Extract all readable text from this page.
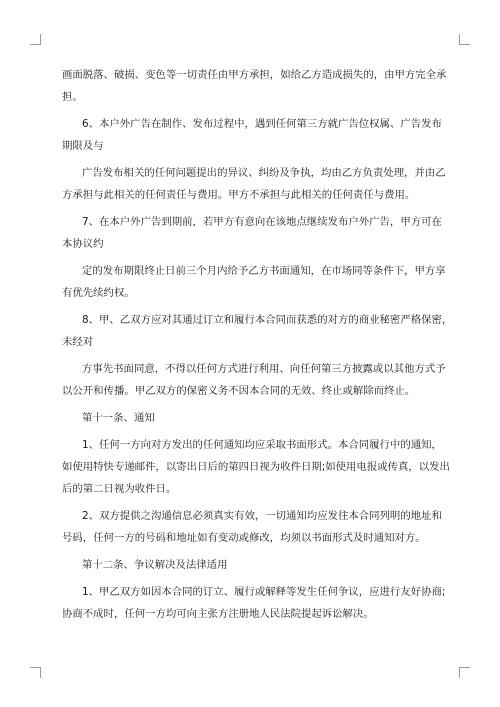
画面脱落、破损、变色等一切责任由甲方承担，如给乙方造成损失的，由甲方完全承

担。

6、本户外广告在制作、发布过程中，遇到任何第三方就广告位权属、广告发布

期限及与

广告发布相关的任何问题提出的异议、纠纷及争执，均由乙方负责处理，并由乙

方承担与此相关的任何责任与费用。甲方不承担与此相关的任何责任与费用。

7、在本户外广告到期前，若甲方有意向在该地点继续发布户外广告，甲方可在

本协议约

定的发布期限终止日前三个月内给予乙方书面通知，在市场同等条件下，甲方享

有优先续约权。

8、甲、乙双方应对其通过订立和履行本合同而获悉的对方的商业秘密严格保密，

未经对

方事先书面同意，不得以任何方式进行利用、向任何第三方披露或以其他方式予

以公开和传播。甲乙双方的保密义务不因本合同的无效、终止或解除而终止。

第十一条、通知

1、任何一方向对方发出的任何通知均应采取书面形式。本合同履行中的通知，

如使用特快专递邮件，以寄出日后的第四日视为收件日期;如使用电报或传真，以发出

后的第二日视为收件日。

2、双方提供之沟通信息必须真实有效，一切通知均应发往本合同列明的地址和

号码，任何一方的号码和地址如有变动或修改，均须以书面形式及时通知对方。

第十二条、争议解决及法律适用

1、甲乙双方如因本合同的订立、履行或解释等发生任何争议，应进行友好协商;

协商不成时，任何一方均可向主张方注册地人民法院提起诉讼解决。
